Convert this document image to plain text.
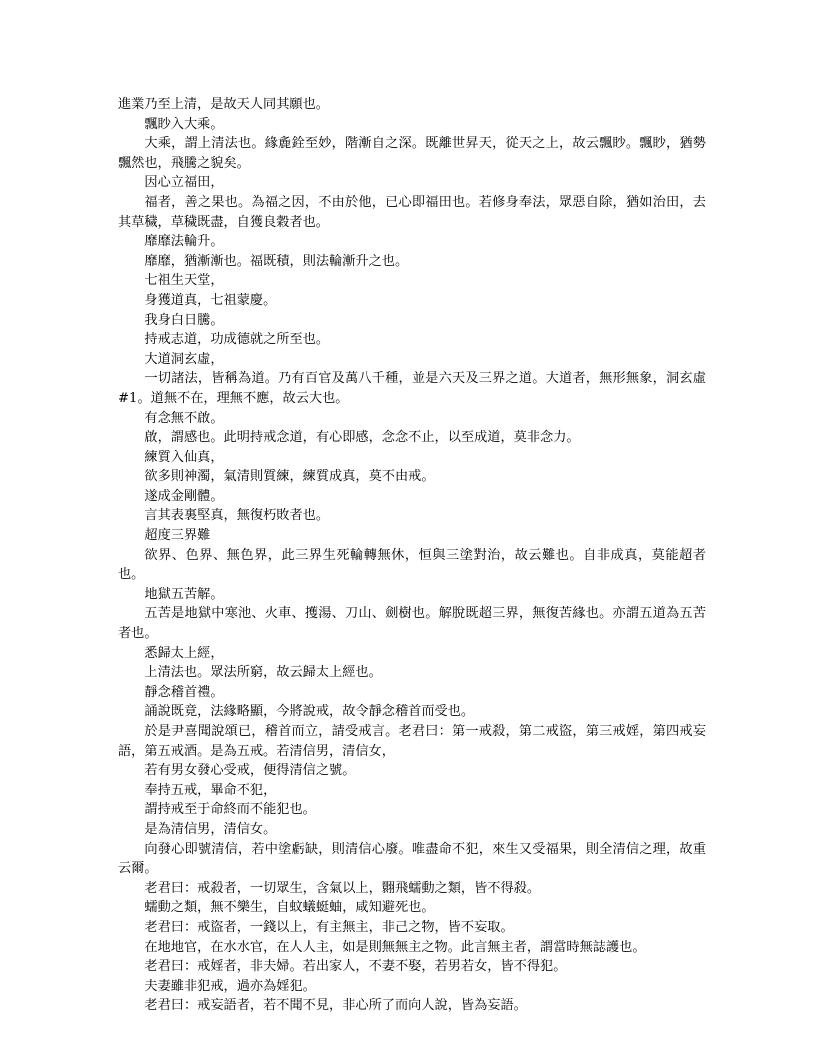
進業乃至上清，是故天人同其願也。

飄眇入大乘。

大乘，謂上清法也。緣麁銓至妙，階漸自之深。既離世昇天，從天之上，故云飄眇。飄眇，猶勢飄然也，飛騰之貌矣。

因心立福田，

福者，善之果也。為福之因，不由於他，已心即福田也。若修身奉法，眾惡自除，猶如治田，去其草穢，草穢既盡，自獲良穀者也。

靡靡法輪升。

靡靡，猶漸漸也。福既積，則法輪漸升之也。

七祖生天堂，

身獲道真，七祖蒙慶。

我身白日騰。

持戒志道，功成德就之所至也。

大道洞玄虛，

一切諸法，皆稱為道。乃有百官及萬八千種，並是六天及三界之道。大道者，無形無象，洞玄虛#1。道無不在，理無不應，故云大也。

有念無不啟。

啟，謂感也。此明持戒念道，有心即感，念念不止，以至成道，莫非念力。

練質入仙真，

欲多則神濁，氣清則質練，練質成真，莫不由戒。

遂成金剛體。

言其表裏堅真，無復朽敗者也。

超度三界難

欲界、色界、無色界，此三界生死輪轉無休，恒與三塗對治，故云難也。自非成真，莫能超者也。

地獄五苦解。

五苦是地獄中寒池、火車、擭湯、刀山、劍樹也。解脫既超三界，無復苦緣也。亦謂五道為五苦者也。

悉歸太上經，

上清法也。眾法所窮，故云歸太上經也。

靜念稽首禮。

誦說既竟，法緣略顯，今將說戒，故令靜念稽首而受也。

於是尹喜聞說頌已，稽首而立，請受戒言。老君曰：第一戒殺，第二戒盜，第三戒婬，第四戒妄語，第五戒酒。是為五戒。若清信男，清信女，

若有男女發心受戒，便得清信之號。

奉持五戒，畢命不犯，

謂持戒至于命終而不能犯也。

是為清信男，清信女。

向發心即號清信，若中塗虧缺，則清信心廢。唯盡命不犯，來生又受福果，則全清信之理，故重云爾。

老君曰：戒殺者，一切眾生，含氣以上，翾飛蠕動之類，皆不得殺。

蠕動之類，無不樂生，自蚊蟻蜓蚰，咸知避死也。

老君曰：戒盜者，一錢以上，有主無主，非己之物，皆不妄取。

在地地官，在水水官，在人人主，如是則無無主之物。此言無主者，謂當時無誌護也。

老君曰：戒婬者，非夫婦。若出家人，不妻不娶，若男若女，皆不得犯。

夫妻雖非犯戒，過亦為婬犯。

老君曰：戒妄語者，若不聞不見，非心所了而向人說，皆為妄語。
